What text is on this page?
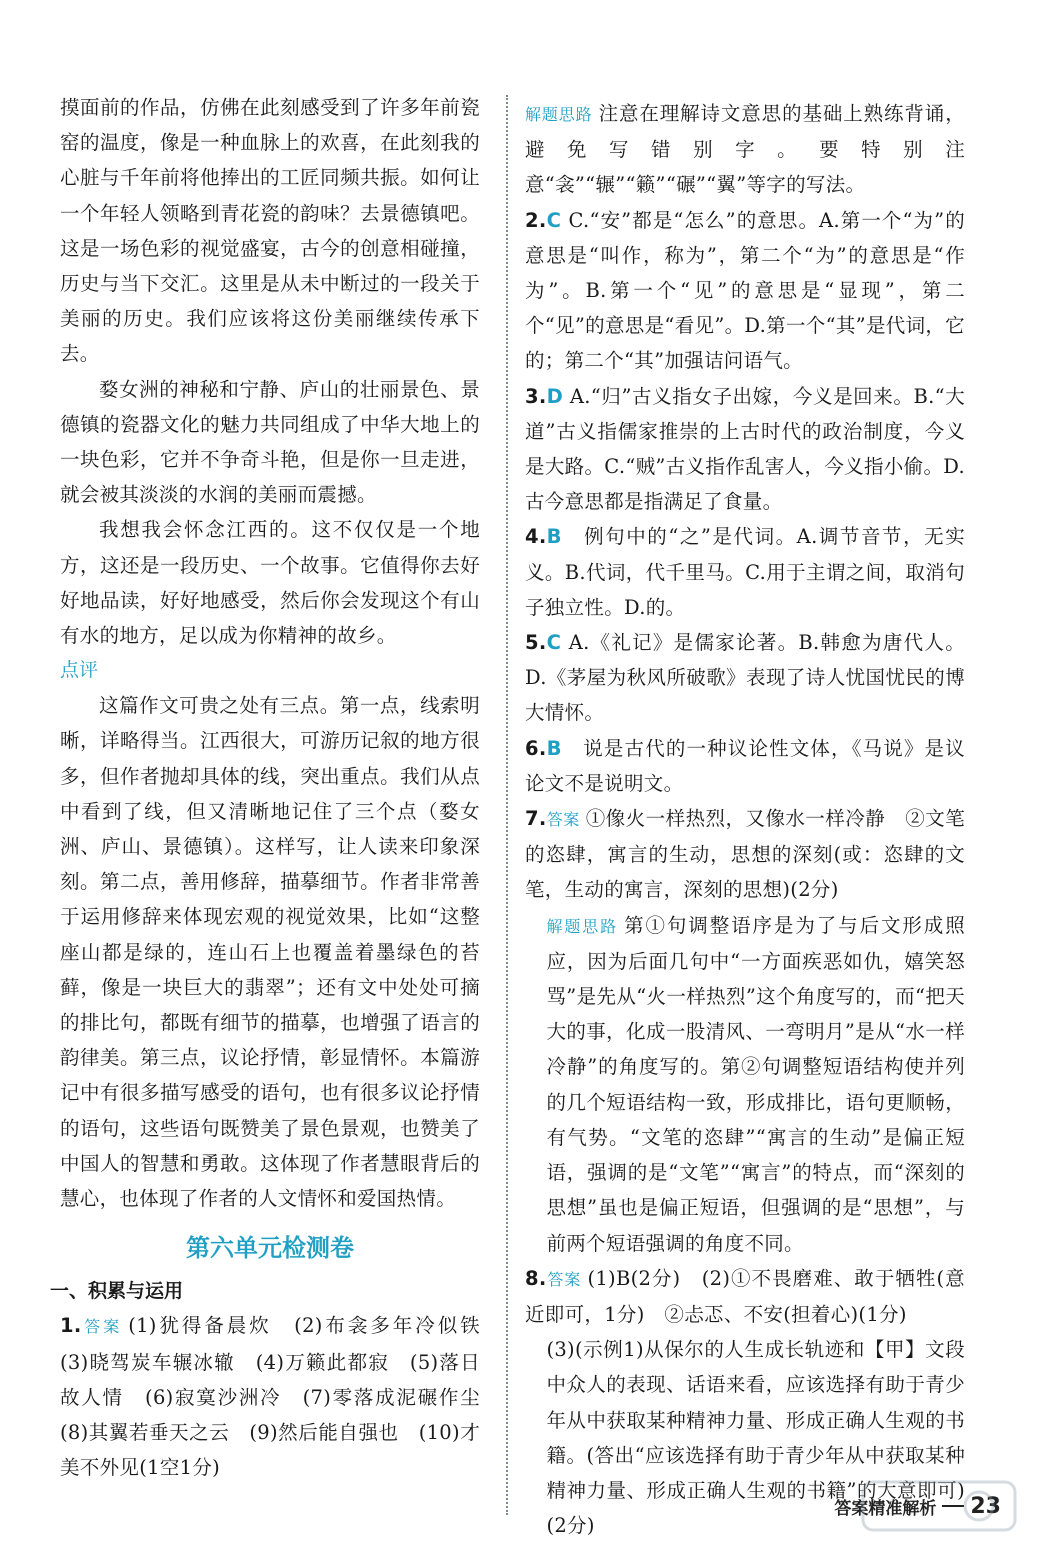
摸面前的作品，仿佛在此刻感受到了许多年前瓷窑的温度，像是一种血脉上的欢喜，在此刻我的心脏与千年前将他捧出的工匠同频共振。如何让一个年轻人领略到青花瓷的韵味？去景德镇吧。这是一场色彩的视觉盛宴，古今的创意相碰撞，历史与当下交汇。这里是从未中断过的一段关于美丽的历史。我们应该将这份美丽继续传承下去。

婺女洲的神秘和宁静、庐山的壮丽景色、景德镇的瓷器文化的魅力共同组成了中华大地上的一块色彩，它并不争奇斗艳，但是你一旦走进，就会被其淡淡的水润的美丽而震撼。

我想我会怀念江西的。这不仅仅是一个地方，这还是一段历史、一个故事。它值得你去好好地品读，好好地感受，然后你会发现这个有山有水的地方，足以成为你精神的故乡。

点评

这篇作文可贵之处有三点。第一点，线索明晰，详略得当。江西很大，可游历记叙的地方很多，但作者抛却具体的线，突出重点。我们从点中看到了线，但又清晰地记住了三个点（婺女洲、庐山、景德镇）。这样写，让人读来印象深刻。第二点，善用修辞，描摹细节。作者非常善于运用修辞来体现宏观的视觉效果，比如“这整座山都是绿的，连山石上也覆盖着墨绿色的苔藓，像是一块巨大的翡翠”；还有文中处处可摘的排比句，都既有细节的描摹，也增强了语言的韵律美。第三点，议论抒情，彰显情怀。本篇游记中有很多描写感受的语句，也有很多议论抒情的语句，这些语句既赞美了景色景观，也赞美了中国人的智慧和勇敢。这体现了作者慧眼背后的慧心，也体现了作者的人文情怀和爱国热情。

第六单元检测卷
一、积累与运用

1.答案 (1)犹得备晨炊　(2)布衾多年冷似铁　(3)晓驾炭车辗冰辙　(4)万籁此都寂　(5)落日故人情　(6)寂寞沙洲冷　(7)零落成泥碾作尘　(8)其翼若垂天之云　(9)然后能自强也　(10)才美不外见(1空1分)

解题思路 注意在理解诗文意思的基础上熟练背诵，避免写错别字。要特别注意“衾”“辗”“籁”“碾”“翼”等字的写法。

2.C C.“安”都是“怎么”的意思。A.第一个“为”的意思是“叫作，称为”，第二个“为”的意思是“作为”。B.第一个“见”的意思是“显现”，第二个“见”的意思是“看见”。D.第一个“其”是代词，它的；第二个“其”加强诘问语气。

3.D A.“归”古义指女子出嫁，今义是回来。B.“大道”古义指儒家推崇的上古时代的政治制度，今义是大路。C.“贼”古义指作乱害人，今义指小偷。D.古今意思都是指满足了食量。

4.B　 例句中的“之”是代词。A.调节音节，无实义。B.代词，代千里马。C.用于主谓之间，取消句子独立性。D.的。

5.C A.《礼记》是儒家论著。B.韩愈为唐代人。D.《茅屋为秋风所破歌》表现了诗人忧国忧民的博大情怀。

6.B　 说是古代的一种议论性文体，《马说》是议论文不是说明文。

7.答案 ①像火一样热烈，又像水一样冷静　②文笔的恣肆，寓言的生动，思想的深刻(或：恣肆的文笔，生动的寓言，深刻的思想)(2分)

解题思路 第①句调整语序是为了与后文形成照应，因为后面几句中“一方面疾恶如仇，嬉笑怒骂”是先从“火一样热烈”这个角度写的，而“把天大的事，化成一股清风、一弯明月”是从“水一样冷静”的角度写的。第②句调整短语结构使并列的几个短语结构一致，形成排比，语句更顺畅，有气势。“文笔的恣肆”“寓言的生动”是偏正短语，强调的是“文笔”“寓言”的特点，而“深刻的思想”虽也是偏正短语，但强调的是“思想”，与前两个短语强调的角度不同。

8.答案 (1)B(2分)　(2)①不畏磨难、敢于牺牲(意近即可，1分)　②忐忑、不安(担着心)(1分)

(3)(示例1)从保尔的人生成长轨迹和【甲】文段中众人的表现、话语来看，应该选择有助于青少年从中获取某种精神力量、形成正确人生观的书籍。(答出“应该选择有助于青少年从中获取某种精神力量、形成正确人生观的书籍”的大意即可)(2分)

答案精准解析 23
